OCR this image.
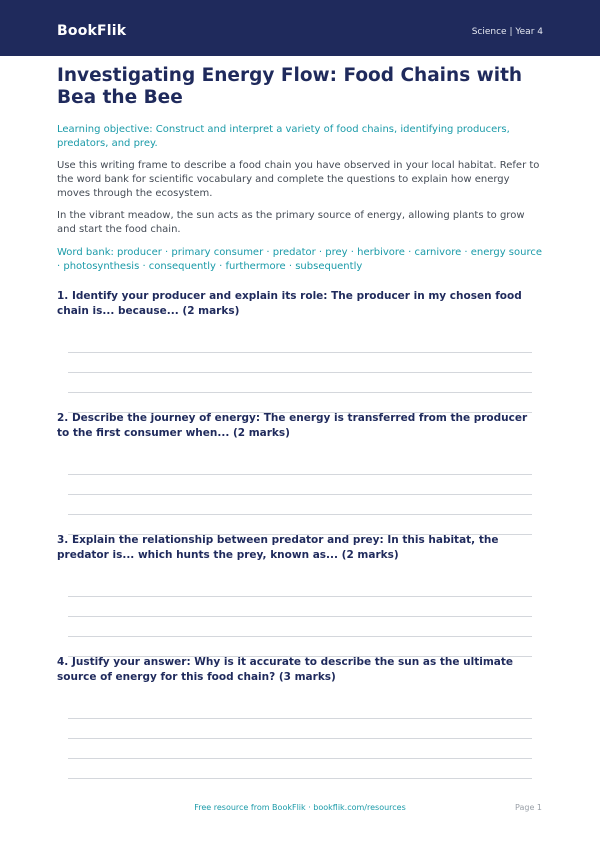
BookFlik	Science | Year 4
Investigating Energy Flow: Food Chains with Bea the Bee

Learning objective: Construct and interpret a variety of food chains, identifying producers, predators, and prey.

Use this writing frame to describe a food chain you have observed in your local habitat. Refer to the word bank for scientific vocabulary and complete the questions to explain how energy moves through the ecosystem.

In the vibrant meadow, the sun acts as the primary source of energy, allowing plants to grow and start the food chain.

Word bank: producer · primary consumer · predator · prey · herbivore · carnivore · energy source · photosynthesis · consequently · furthermore · subsequently

1. Identify your producer and explain its role: The producer in my chosen food chain is... because... (2 marks)
2. Describe the journey of energy: The energy is transferred from the producer to the first consumer when... (2 marks)
3. Explain the relationship between predator and prey: In this habitat, the predator is... which hunts the prey, known as... (2 marks)
4. Justify your answer: Why is it accurate to describe the sun as the ultimate source of energy for this food chain? (3 marks)
Free resource from BookFlik · bookflik.com/resources	Page 1
